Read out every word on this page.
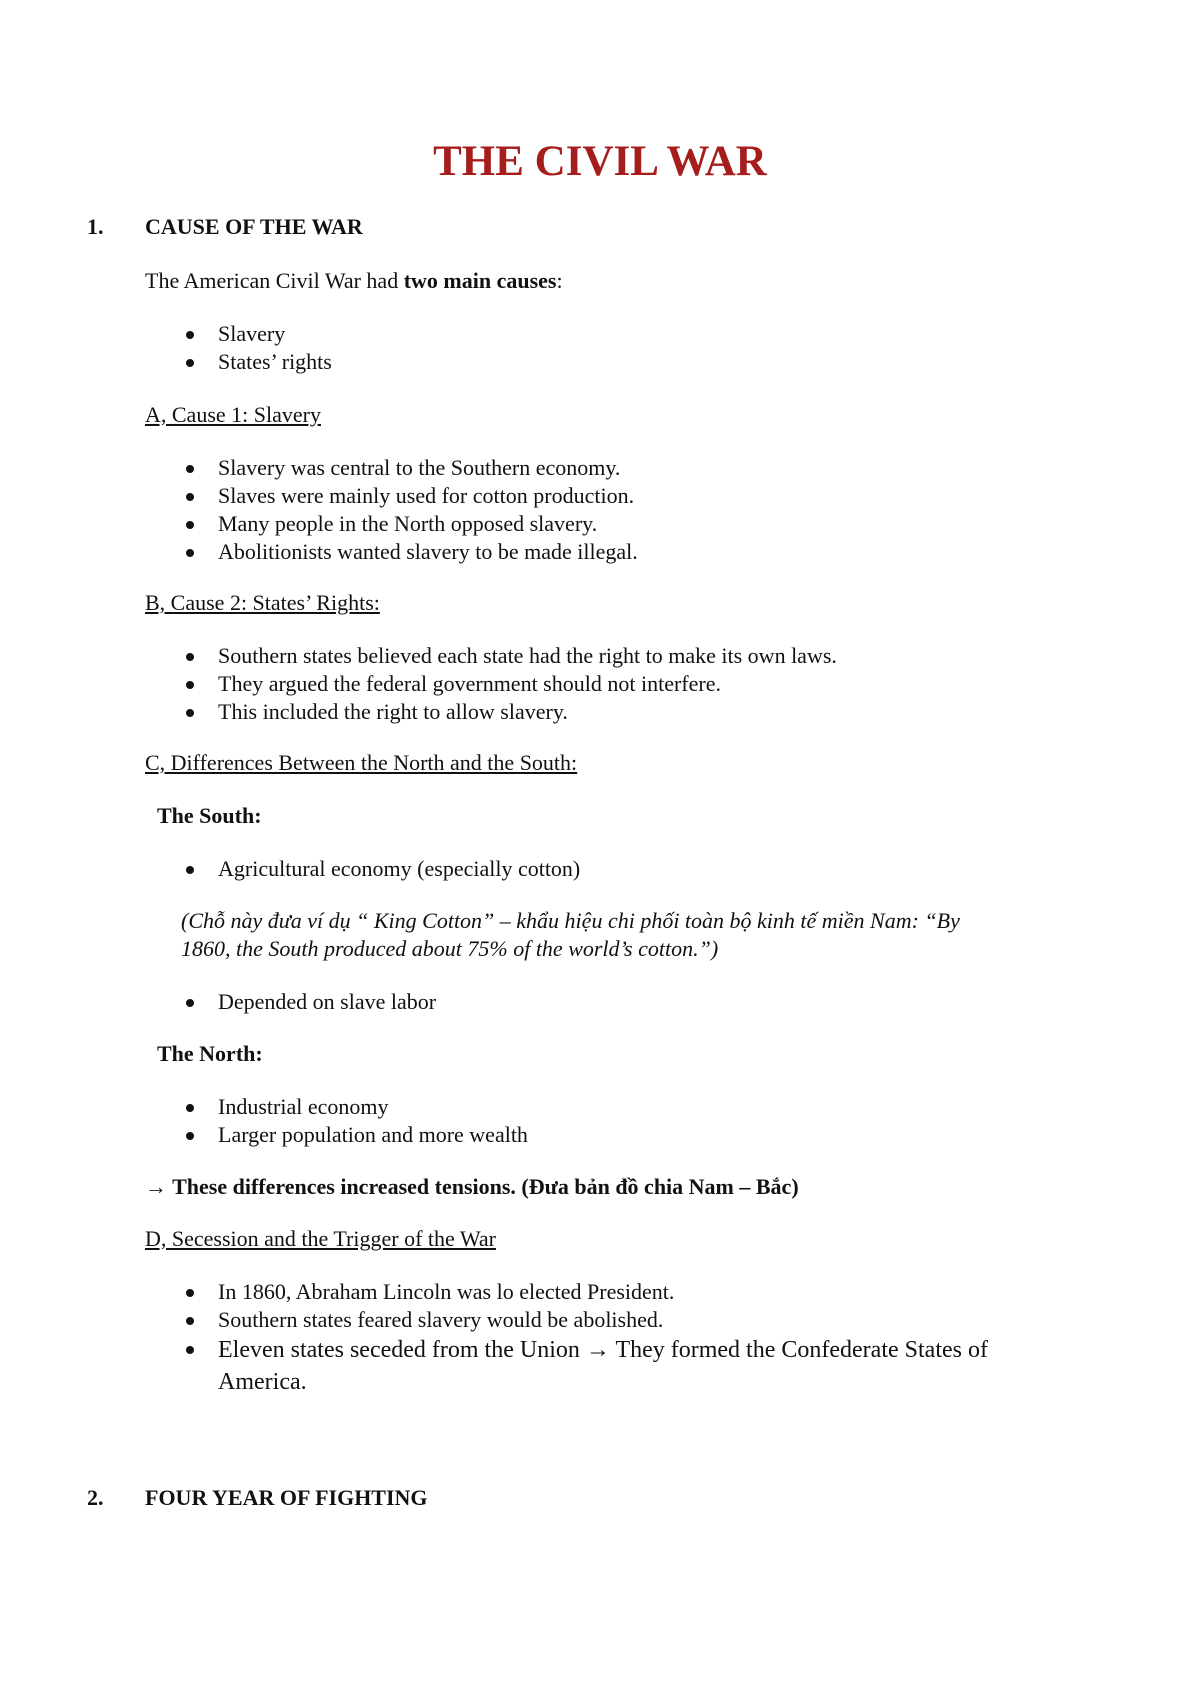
THE CIVIL WAR
1. CAUSE OF THE WAR
The American Civil War had two main causes:
Slavery
States’ rights
A, Cause 1: Slavery
Slavery was central to the Southern economy.
Slaves were mainly used for cotton production.
Many people in the North opposed slavery.
Abolitionists wanted slavery to be made illegal.
B, Cause 2: States’ Rights:
Southern states believed each state had the right to make its own laws.
They argued the federal government should not interfere.
This included the right to allow slavery.
C, Differences Between the North and the South:
The South:
Agricultural economy (especially cotton)
(Chỗ này đưa ví dụ “ King Cotton” – khẩu hiệu chi phối toàn bộ kinh tế miền Nam: “By
1860, the South produced about 75% of the world’s cotton.”)
Depended on slave labor
The North:
Industrial economy
Larger population and more wealth
→ These differences increased tensions. (Đưa bản đồ chia Nam – Bắc)
D, Secession and the Trigger of the War
In 1860, Abraham Lincoln was lo elected President.
Southern states feared slavery would be abolished.
Eleven states seceded from the Union → They formed the Confederate States of
America.
2. FOUR YEAR OF FIGHTING
